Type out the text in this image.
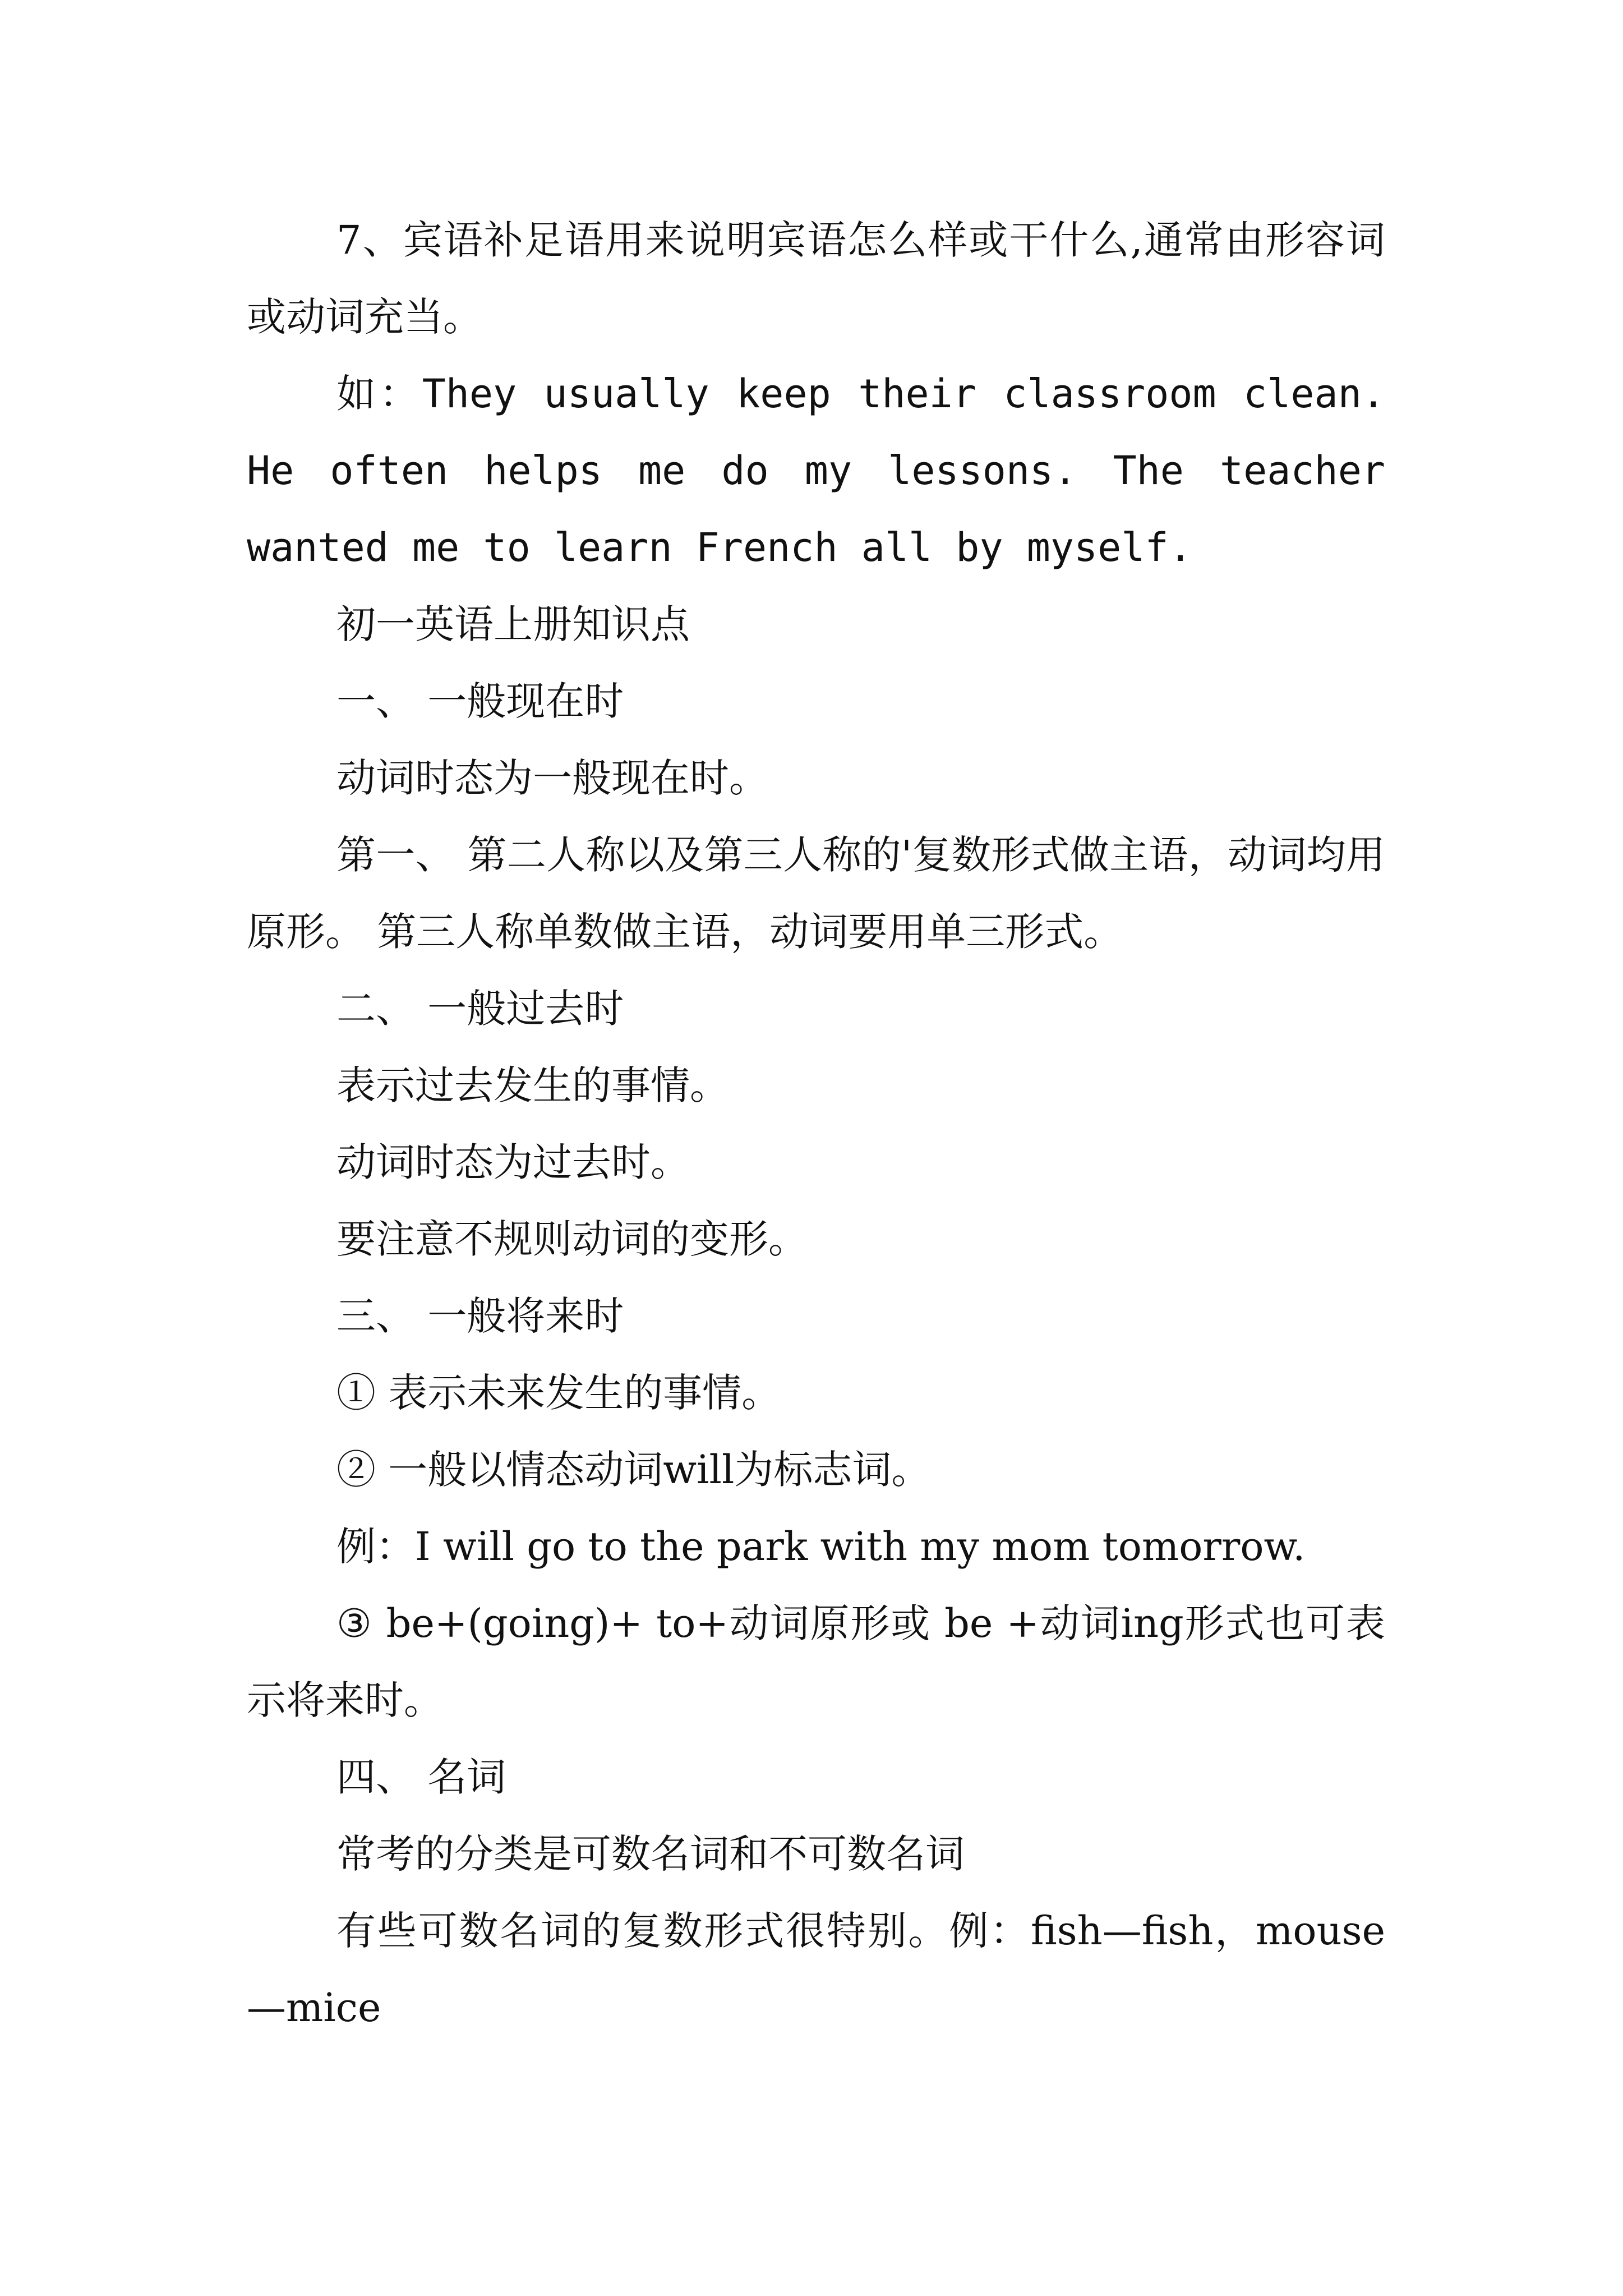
7、宾语补足语用来说明宾语怎么样或干什么,通常由形容词或动词充当。

如：They usually keep their classroom clean. He often helps me do my lessons. The teacher wanted me to learn French all by myself.

初一英语上册知识点

一、 一般现在时

动词时态为一般现在时。

第一、 第二人称以及第三人称的'复数形式做主语，动词均用原形。 第三人称单数做主语，动词要用单三形式。

二、 一般过去时

表示过去发生的事情。

动词时态为过去时。

要注意不规则动词的变形。

三、 一般将来时

① 表示未来发生的事情。

② 一般以情态动词will为标志词。

例：I will go to the park with my mom tomorrow.

③ be+(going)+ to+动词原形或 be +动词ing形式也可表示将来时。

四、 名词

常考的分类是可数名词和不可数名词

有些可数名词的复数形式很特别。例：fish—fish，mouse—mice
